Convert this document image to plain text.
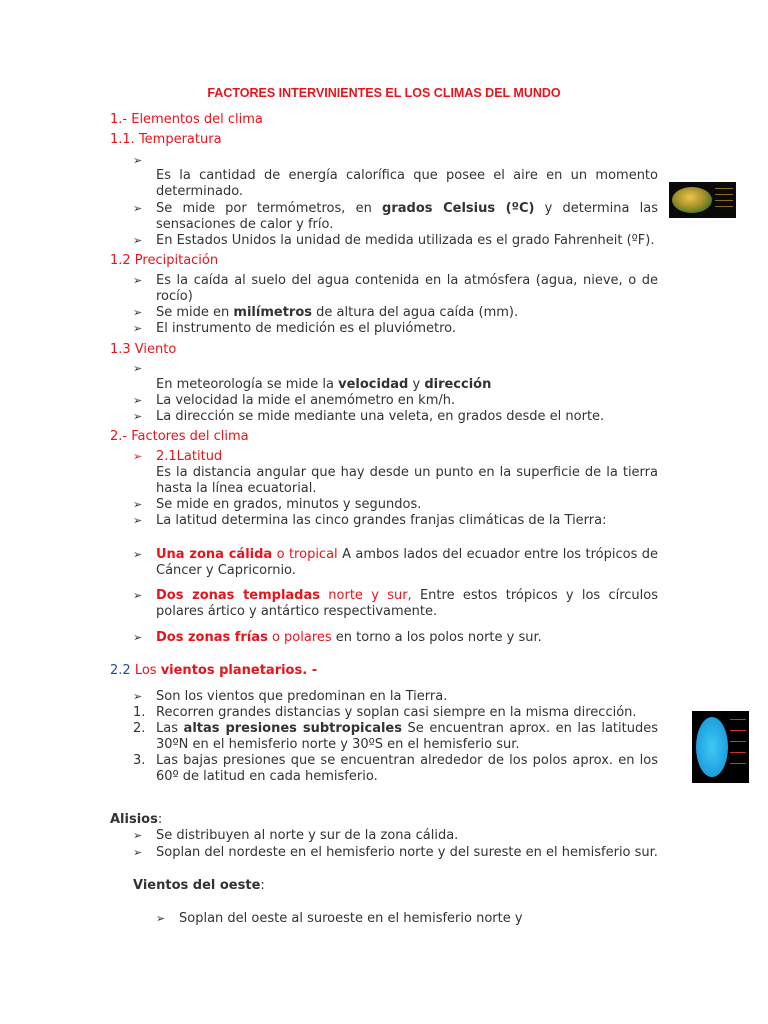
FACTORES INTERVINIENTES EL LOS CLIMAS DEL MUNDO
1.- Elementos del clima
1.1. Temperatura
➢
Es la cantidad de energía calorífica que posee el aire en un momento determinado.
➢ Se mide por termómetros, en grados Celsius (ºC) y determina las sensaciones de calor y frío.
➢ En Estados Unidos la unidad de medida utilizada es el grado Fahrenheit (ºF).
1.2 Precipitación
➢ Es la caída al suelo del agua contenida en la atmósfera (agua, nieve, o de rocío)
➢ Se mide en milímetros de altura del agua caída (mm).
➢ El instrumento de medición es el pluviómetro.
1.3 Viento
➢
En meteorología se mide la velocidad y dirección
➢ La velocidad la mide el anemómetro en km/h.
➢ La dirección se mide mediante una veleta, en grados desde el norte.
2.- Factores del clima
➢ 2.1Latitud
Es la distancia angular que hay desde un punto en la superficie de la tierra hasta la línea ecuatorial.
➢ Se mide en grados, minutos y segundos.
➢ La latitud determina las cinco grandes franjas climáticas de la Tierra:
➢ Una zona cálida o tropical A ambos lados del ecuador entre los trópicos de Cáncer y Capricornio.
➢ Dos zonas templadas norte y sur, Entre estos trópicos y los círculos polares ártico y antártico respectivamente.
➢ Dos zonas frías o polares en torno a los polos norte y sur.
2.2 Los vientos planetarios. -
➢ Son los vientos que predominan en la Tierra.
1. Recorren grandes distancias y soplan casi siempre en la misma dirección.
2. Las altas presiones subtropicales Se encuentran aprox. en las latitudes 30ºN en el hemisferio norte y 30ºS en el hemisferio sur.
3. Las bajas presiones que se encuentran alrededor de los polos aprox. en los 60º de latitud en cada hemisferio.
Alisios:
➢ Se distribuyen al norte y sur de la zona cálida.
➢ Soplan del nordeste en el hemisferio norte y del sureste en el hemisferio sur.
Vientos del oeste:
➢ Soplan del oeste al suroeste en el hemisferio norte y
